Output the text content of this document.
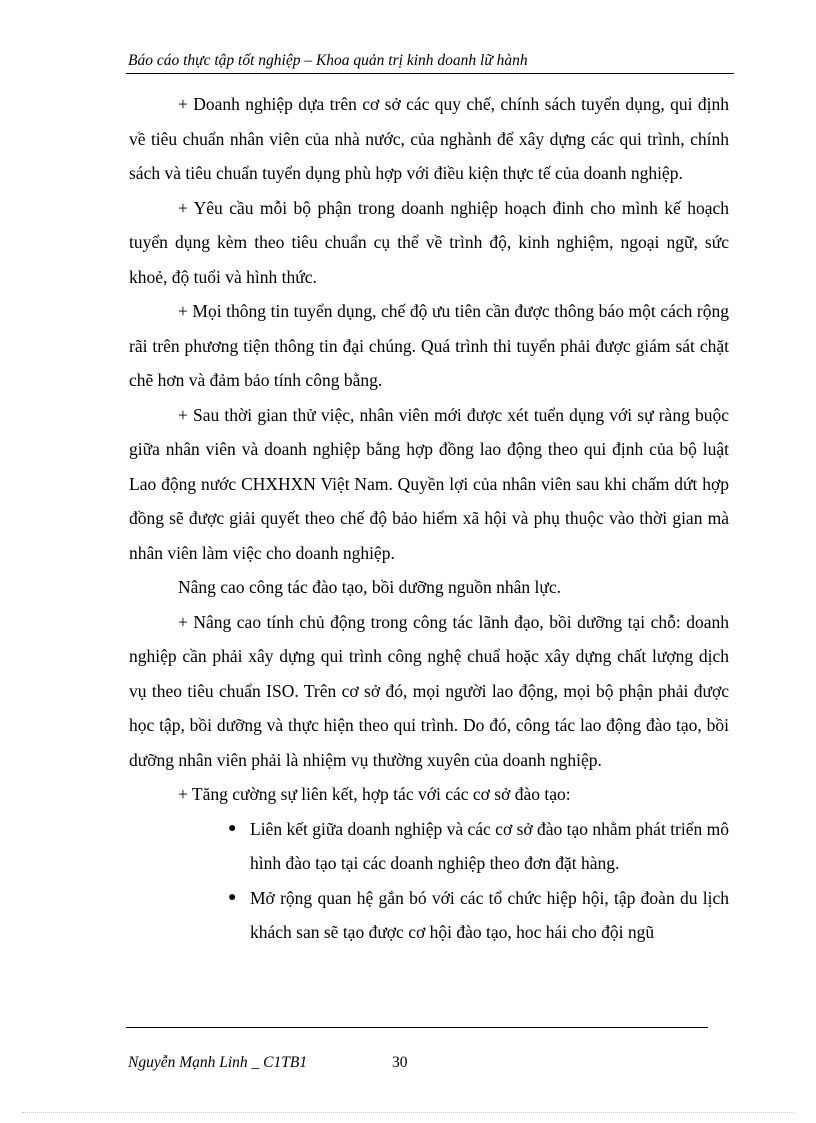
Báo cáo thực tập tốt nghiệp – Khoa quản trị kinh doanh lữ hành

+ Doanh nghiệp dựa trên cơ sở các quy chế, chính sách tuyển dụng, qui định về tiêu chuẩn nhân viên của nhà nước, của nghành để xây dựng các qui trình, chính sách và tiêu chuẩn tuyển dụng phù hợp với điều kiện thực tế của doanh nghiệp.

+ Yêu cầu mỗi bộ phận trong doanh nghiệp hoạch đinh cho mình kế hoạch tuyển dụng kèm theo tiêu chuẩn cụ thể về trình độ, kinh nghiệm, ngoại ngữ, sức khoẻ, độ tuổi và hình thức.

+ Mọi thông tin tuyển dụng, chế độ ưu tiên cần được thông báo một cách rộng rãi trên phương tiện thông tin đại chúng. Quá trình thi tuyển phải được giám sát chặt chẽ hơn và đảm bảo tính công bằng.

+ Sau thời gian thử việc, nhân viên mới được xét tuển dụng với sự ràng buộc giữa nhân viên và doanh nghiệp bằng hợp đồng lao động theo qui định của bộ luật Lao động nước CHXHXN Việt Nam. Quyền lợi của nhân viên sau khi chấm dứt hợp đồng sẽ được giải quyết theo chế độ bảo hiểm xã hội và phụ thuộc vào thời gian mà nhân viên làm việc cho doanh nghiệp.

Nâng cao công tác đào tạo, bồi dưỡng nguồn nhân lực.

+ Nâng cao tính chủ động trong công tác lãnh đạo, bồi dưỡng tại chỗ: doanh nghiệp cần phải xây dựng qui trình công nghệ chuẩ hoặc xây dựng chất lượng dịch vụ theo tiêu chuẩn ISO. Trên cơ sở đó, mọi người lao động, mọi bộ phận phải được học tập, bồi dưỡng và thực hiện theo qui trình. Do đó, công tác lao động đào tạo, bồi dưỡng nhân viên phải là nhiệm vụ thường xuyên của doanh nghiệp.

+ Tăng cường sự liên kết, hợp tác với các cơ sở đào tạo:

● Liên kết giữa doanh nghiệp và các cơ sở đào tạo nhằm phát triển mô hình đào tạo tại các doanh nghiệp theo đơn đặt hàng.
● Mở rộng quan hệ gắn bó với các tổ chức hiệp hội, tập đoàn du lịch khách san sẽ tạo được cơ hội đào tạo, hoc hái cho đội ngũ
Nguyễn Mạnh Linh _ C1TB1	30
